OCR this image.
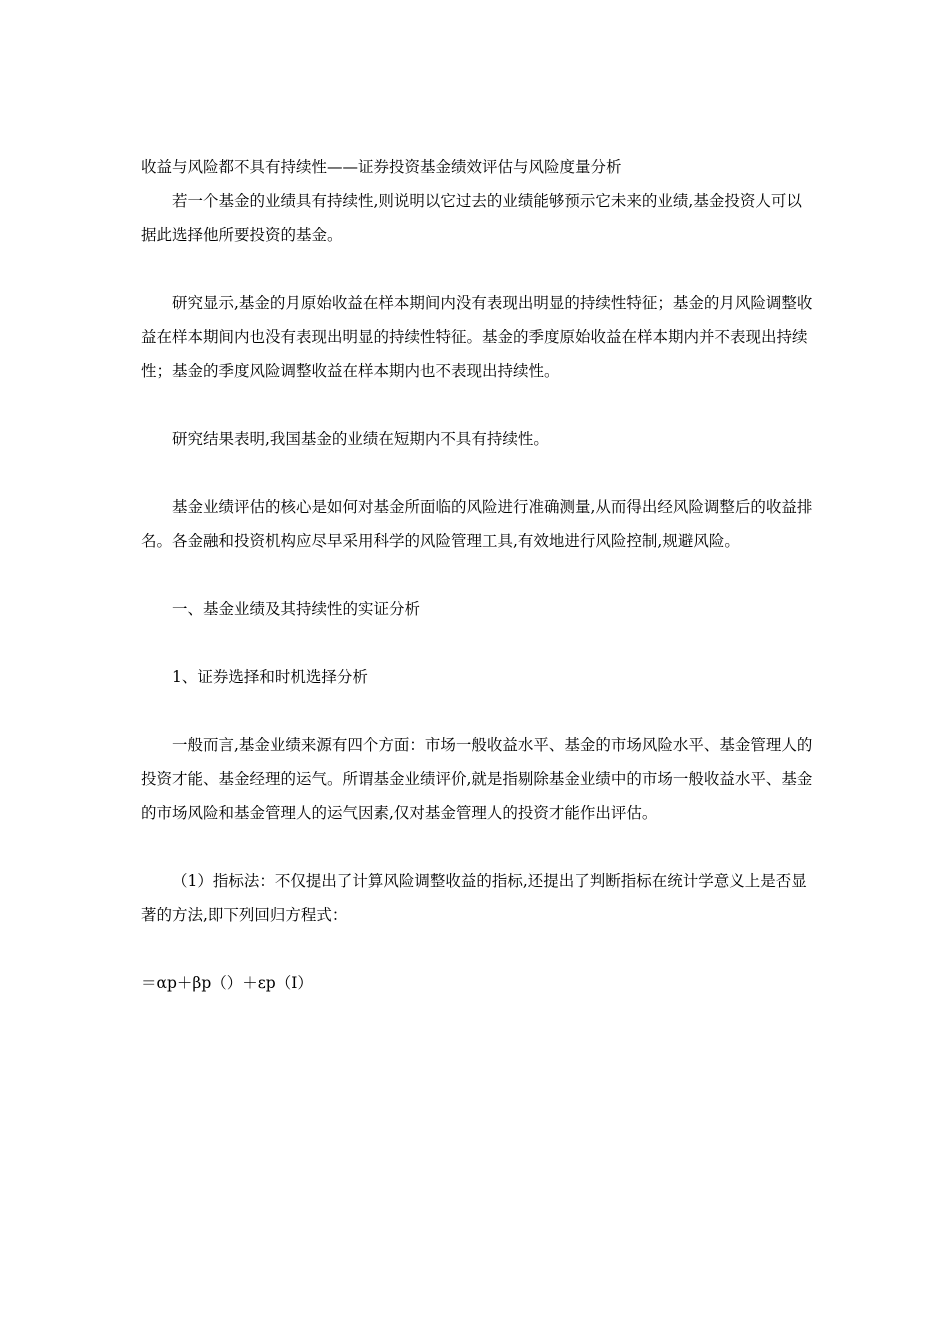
收益与风险都不具有持续性——证券投资基金绩效评估与风险度量分析

若一个基金的业绩具有持续性,则说明以它过去的业绩能够预示它未来的业绩,基金投资人可以据此选择他所要投资的基金。

研究显示,基金的月原始收益在样本期间内没有表现出明显的持续性特征；基金的月风险调整收益在样本期间内也没有表现出明显的持续性特征。基金的季度原始收益在样本期内并不表现出持续性；基金的季度风险调整收益在样本期内也不表现出持续性。

研究结果表明,我国基金的业绩在短期内不具有持续性。

基金业绩评估的核心是如何对基金所面临的风险进行准确测量,从而得出经风险调整后的收益排名。各金融和投资机构应尽早采用科学的风险管理工具,有效地进行风险控制,规避风险。

一、基金业绩及其持续性的实证分析

1、证券选择和时机选择分析

一般而言,基金业绩来源有四个方面：市场一般收益水平、基金的市场风险水平、基金管理人的投资才能、基金经理的运气。所谓基金业绩评价,就是指剔除基金业绩中的市场一般收益水平、基金的市场风险和基金管理人的运气因素,仅对基金管理人的投资才能作出评估。

（1）指标法：不仅提出了计算风险调整收益的指标,还提出了判断指标在统计学意义上是否显著的方法,即下列回归方程式：

＝αp＋βp（）＋εp（I）
